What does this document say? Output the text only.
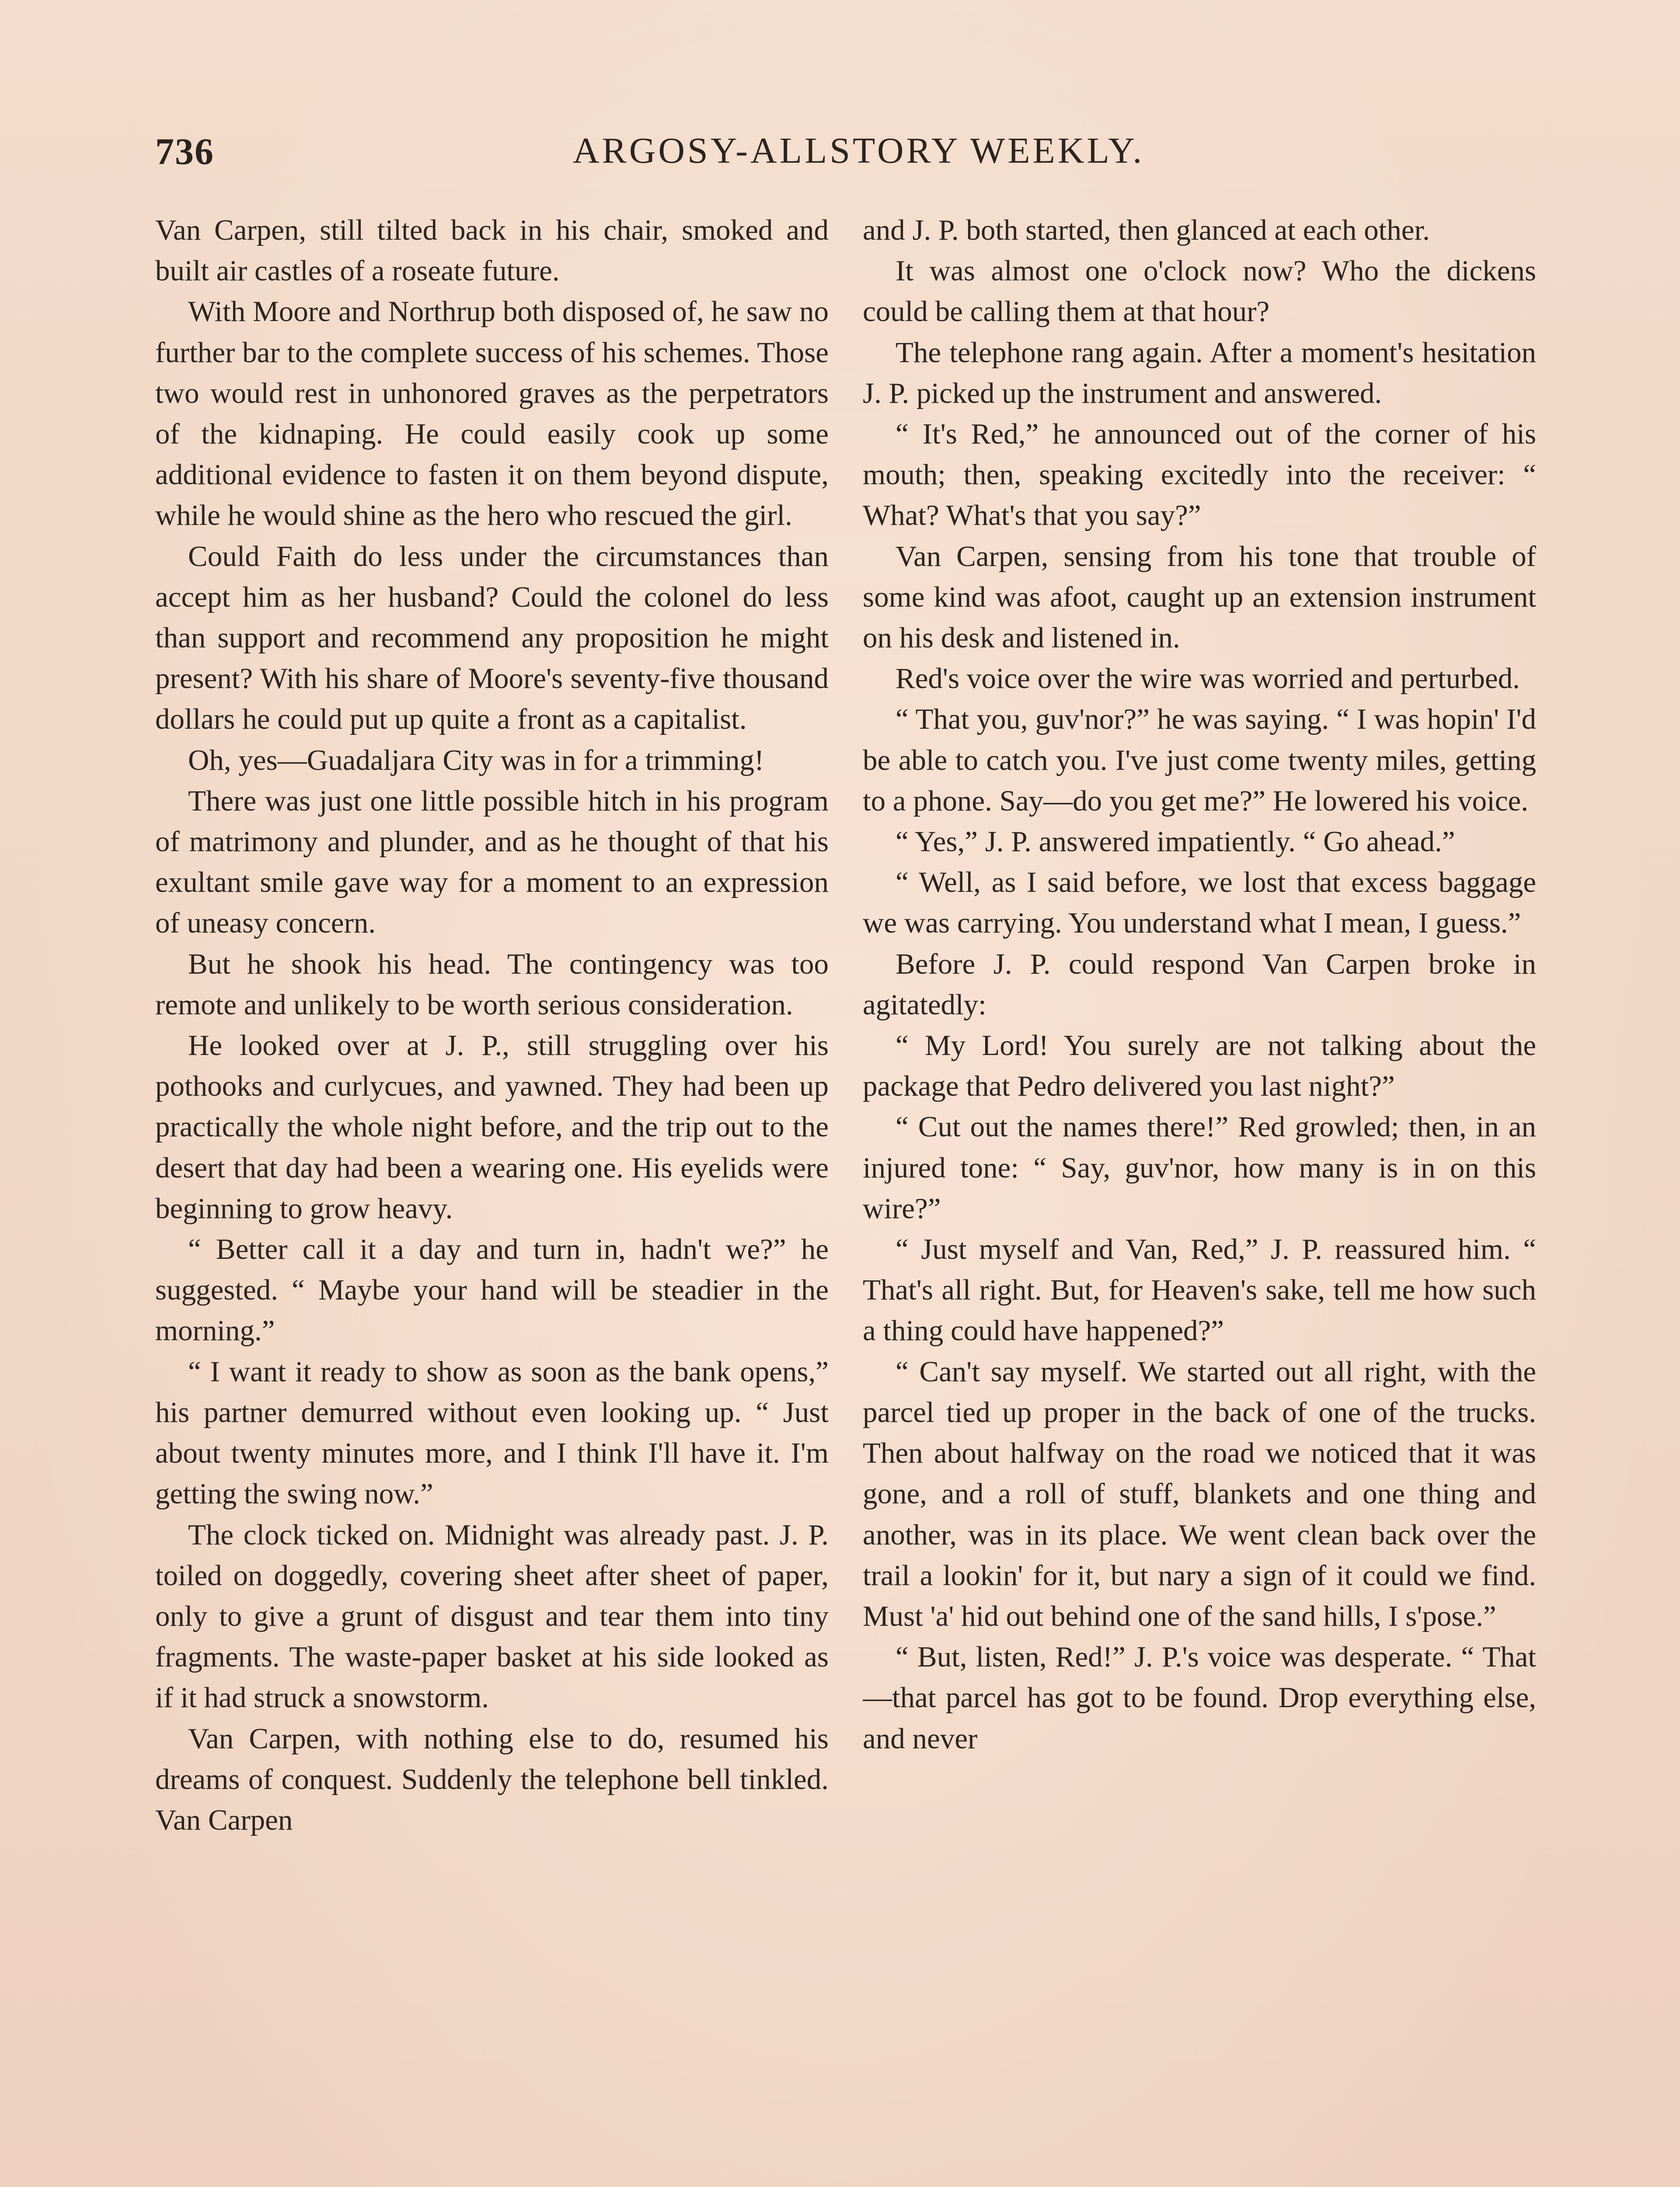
736	ARGOSY-ALLSTORY WEEKLY.

Van Carpen, still tilted back in his chair, smoked and built air castles of a roseate future.

With Moore and Northrup both disposed of, he saw no further bar to the complete success of his schemes. Those two would rest in unhonored graves as the perpetrators of the kidnaping. He could easily cook up some additional evidence to fasten it on them beyond dispute, while he would shine as the hero who rescued the girl.

Could Faith do less under the circumstances than accept him as her husband? Could the colonel do less than support and recommend any proposition he might present? With his share of Moore's seventy-five thousand dollars he could put up quite a front as a capitalist.

Oh, yes—Guadaljara City was in for a trimming!

There was just one little possible hitch in his program of matrimony and plunder, and as he thought of that his exultant smile gave way for a moment to an expression of uneasy concern.

But he shook his head. The contingency was too remote and unlikely to be worth serious consideration.

He looked over at J. P., still struggling over his pothooks and curlycues, and yawned. They had been up practically the whole night before, and the trip out to the desert that day had been a wearing one. His eyelids were beginning to grow heavy.

“ Better call it a day and turn in, hadn't we?” he suggested. “ Maybe your hand will be steadier in the morning.”

“ I want it ready to show as soon as the bank opens,” his partner demurred without even looking up. “ Just about twenty minutes more, and I think I'll have it. I'm getting the swing now.”

The clock ticked on. Midnight was already past. J. P. toiled on doggedly, covering sheet after sheet of paper, only to give a grunt of disgust and tear them into tiny fragments. The waste-paper basket at his side looked as if it had struck a snowstorm.

Van Carpen, with nothing else to do, resumed his dreams of conquest. Suddenly the telephone bell tinkled. Van Carpen

and J. P. both started, then glanced at each other.

It was almost one o'clock now? Who the dickens could be calling them at that hour?

The telephone rang again. After a moment's hesitation J. P. picked up the instrument and answered.

“ It's Red,” he announced out of the corner of his mouth; then, speaking excitedly into the receiver: “ What? What's that you say?”

Van Carpen, sensing from his tone that trouble of some kind was afoot, caught up an extension instrument on his desk and listened in.

Red's voice over the wire was worried and perturbed.

“ That you, guv'nor?” he was saying. “ I was hopin' I'd be able to catch you. I've just come twenty miles, getting to a phone. Say—do you get me?” He lowered his voice.

“ Yes,” J. P. answered impatiently. “ Go ahead.”

“ Well, as I said before, we lost that excess baggage we was carrying. You understand what I mean, I guess.”

Before J. P. could respond Van Carpen broke in agitatedly:

“ My Lord! You surely are not talking about the package that Pedro delivered you last night?”

“ Cut out the names there!” Red growled; then, in an injured tone: “ Say, guv'nor, how many is in on this wire?”

“ Just myself and Van, Red,” J. P. reassured him. “ That's all right. But, for Heaven's sake, tell me how such a thing could have happened?”

“ Can't say myself. We started out all right, with the parcel tied up proper in the back of one of the trucks. Then about halfway on the road we noticed that it was gone, and a roll of stuff, blankets and one thing and another, was in its place. We went clean back over the trail a lookin' for it, but nary a sign of it could we find. Must 'a' hid out behind one of the sand hills, I s'pose.”

“ But, listen, Red!” J. P.'s voice was desperate. “ That—that parcel has got to be found. Drop everything else, and never
